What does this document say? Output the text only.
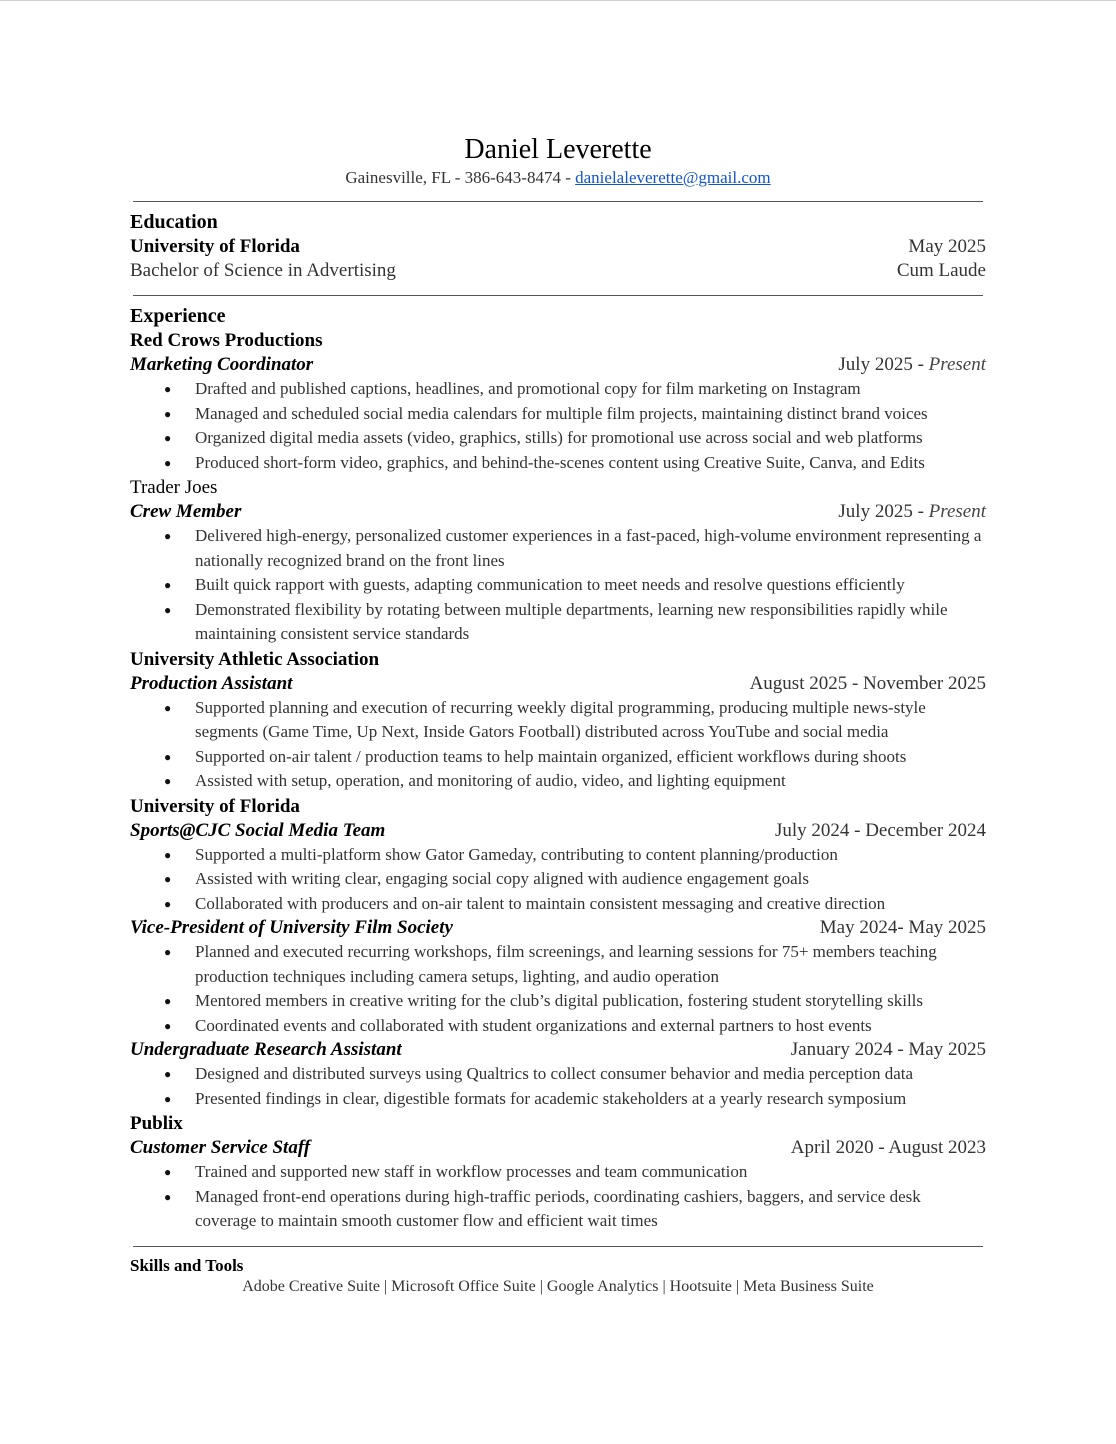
Daniel Leverette
Gainesville, FL - 386-643-8474 - danielaleverette@gmail.com
Education
University of Florida	May 2025
Bachelor of Science in Advertising	Cum Laude
Experience
Red Crows Productions
Marketing Coordinator	July 2025 - Present
● Drafted and published captions, headlines, and promotional copy for film marketing on Instagram
● Managed and scheduled social media calendars for multiple film projects, maintaining distinct brand voices
● Organized digital media assets (video, graphics, stills) for promotional use across social and web platforms
● Produced short-form video, graphics, and behind-the-scenes content using Creative Suite, Canva, and Edits
Trader Joes
Crew Member	July 2025 - Present
● Delivered high-energy, personalized customer experiences in a fast-paced, high-volume environment representing a nationally recognized brand on the front lines
● Built quick rapport with guests, adapting communication to meet needs and resolve questions efficiently
● Demonstrated flexibility by rotating between multiple departments, learning new responsibilities rapidly while maintaining consistent service standards
University Athletic Association
Production Assistant	August 2025 - November 2025
● Supported planning and execution of recurring weekly digital programming, producing multiple news-style segments (Game Time, Up Next, Inside Gators Football) distributed across YouTube and social media
● Supported on-air talent / production teams to help maintain organized, efficient workflows during shoots
● Assisted with setup, operation, and monitoring of audio, video, and lighting equipment
University of Florida
Sports@CJC Social Media Team	July 2024 - December 2024
● Supported a multi-platform show Gator Gameday, contributing to content planning/production
● Assisted with writing clear, engaging social copy aligned with audience engagement goals
● Collaborated with producers and on-air talent to maintain consistent messaging and creative direction
Vice-President of University Film Society	May 2024- May 2025
● Planned and executed recurring workshops, film screenings, and learning sessions for 75+ members teaching production techniques including camera setups, lighting, and audio operation
● Mentored members in creative writing for the club’s digital publication, fostering student storytelling skills
● Coordinated events and collaborated with student organizations and external partners to host events
Undergraduate Research Assistant	January 2024 - May 2025
● Designed and distributed surveys using Qualtrics to collect consumer behavior and media perception data
● Presented findings in clear, digestible formats for academic stakeholders at a yearly research symposium
Publix
Customer Service Staff	April 2020 - August 2023
● Trained and supported new staff in workflow processes and team communication
● Managed front-end operations during high-traffic periods, coordinating cashiers, baggers, and service desk coverage to maintain smooth customer flow and efficient wait times
Skills and Tools
Adobe Creative Suite | Microsoft Office Suite | Google Analytics | Hootsuite | Meta Business Suite
